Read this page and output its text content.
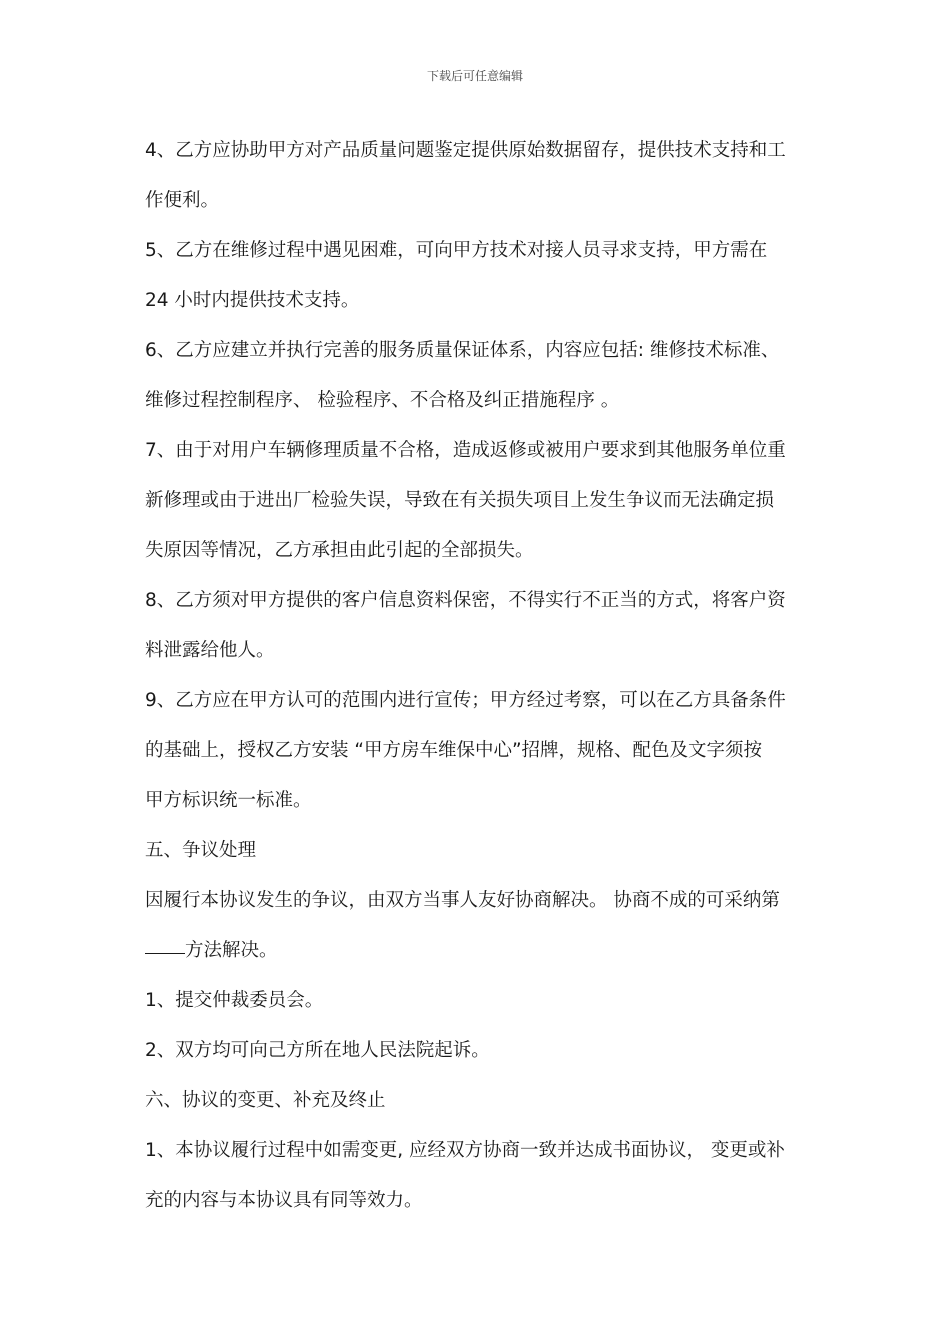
下载后可任意编辑
4、乙方应协助甲方对产品质量问题鉴定提供原始数据留存，提供技术支持和工
作便利。
5、乙方在维修过程中遇见困难，可向甲方技术对接人员寻求支持，甲方需在
24 小时内提供技术支持。
6、乙方应建立并执行完善的服务质量保证体系，内容应包括: 维修技术标准、
维修过程控制程序、 检验程序、不合格及纠正措施程序 。
7、由于对用户车辆修理质量不合格，造成返修或被用户要求到其他服务单位重
新修理或由于进出厂检验失误，导致在有关损失项目上发生争议而无法确定损
失原因等情况，乙方承担由此引起的全部损失。
8、乙方须对甲方提供的客户信息资料保密，不得实行不正当的方式，将客户资
料泄露给他人。
9、乙方应在甲方认可的范围内进行宣传；甲方经过考察，可以在乙方具备条件
的基础上，授权乙方安装 “甲方房车维保中心”招牌，规格、配色及文字须按
甲方标识统一标准。
五、争议处理
因履行本协议发生的争议，由双方当事人友好协商解决。 协商不成的可采纳第
方法解决。
1、提交仲裁委员会。
2、双方均可向己方所在地人民法院起诉。
六、协议的变更、补充及终止
1、本协议履行过程中如需变更, 应经双方协商一致并达成书面协议， 变更或补
充的内容与本协议具有同等效力。
